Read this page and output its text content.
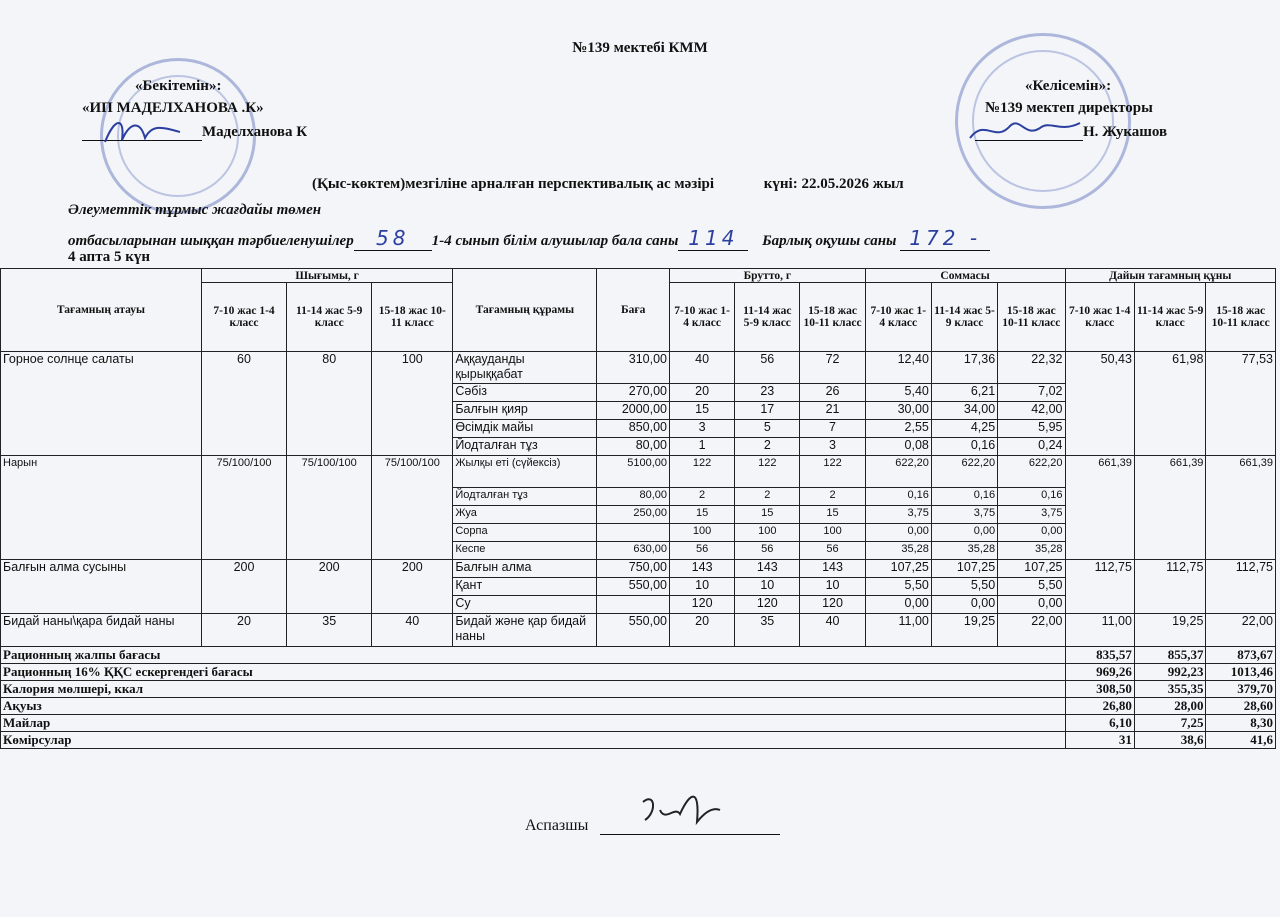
№139 мектебі КММ
«Бекітемін»:
«ИП МАДЕЛХАНОВА .К»
Маделханова К
«Келісемін»:
№139 мектеп директоры
Н. Жукашов
(Қыс-көктем)мезгіліне арналған перспективалық ас мәзірі	күні: 22.05.2026 жыл
Әлеуметтік тұрмыс жағдайы төмен
отбасыларынан шыққан тәрбиеленушілер 58 1-4 сынып білім алушылар бала саны 114 Барлық оқушы саны 172 -
4 апта 5 күн
Тағамның атауы	Шығымы, г			Тағамның құрамы	Баға	Брутто, г			Соммасы			Дайын тағамның құны		
	7-10 жас 1-4 класс	11-14 жас 5-9 класс	15-18 жас 10-11 класс			7-10 жас 1-4 класс	11-14 жас 5-9 класс	15-18 жас 10-11 класс	7-10 жас 1-4 класс	11-14 жас 5-9 класс	15-18 жас 10-11 класс	7-10 жас 1-4 класс	11-14 жас 5-9 класс	15-18 жас 10-11 класс
Горное солнце салаты	60	80	100	Аққауданды қырыққабат	310,00	40	56	72	12,40	17,36	22,32	50,43	61,98	77,53
				Сәбіз	270,00	20	23	26	5,40	6,21	7,02			
				Балғын қияр	2000,00	15	17	21	30,00	34,00	42,00			
				Өсімдік майы	850,00	3	5	7	2,55	4,25	5,95			
				Йодталған тұз	80,00	1	2	3	0,08	0,16	0,24			
Нарын	75/100/100	75/100/100	75/100/100	Жылқы еті (сүйексіз)	5100,00	122	122	122	622,20	622,20	622,20	661,39	661,39	661,39
				Йодталған тұз	80,00	2	2	2	0,16	0,16	0,16			
				Жуа	250,00	15	15	15	3,75	3,75	3,75			
				Сорпа		100	100	100	0,00	0,00	0,00			
				Кеспе	630,00	56	56	56	35,28	35,28	35,28			
Балғын алма сусыны	200	200	200	Балғын алма	750,00	143	143	143	107,25	107,25	107,25	112,75	112,75	112,75
				Қант	550,00	10	10	10	5,50	5,50	5,50			
				Су		120	120	120	0,00	0,00	0,00			
Бидай наны\қара бидай наны	20	35	40	Бидай және қар бидай наны	550,00	20	35	40	11,00	19,25	22,00	11,00	19,25	22,00
Рационның жалпы бағасы												835,57	855,37	873,67
Рационның 16% ҚҚС ескергендегі бағасы												969,26	992,23	1013,46
Калория мөлшері, ккал												308,50	355,35	379,70
Ақуыз												26,80	28,00	28,60
Майлар												6,10	7,25	8,30
Көмірсулар												31	38,6	41,6
Аспазшы
